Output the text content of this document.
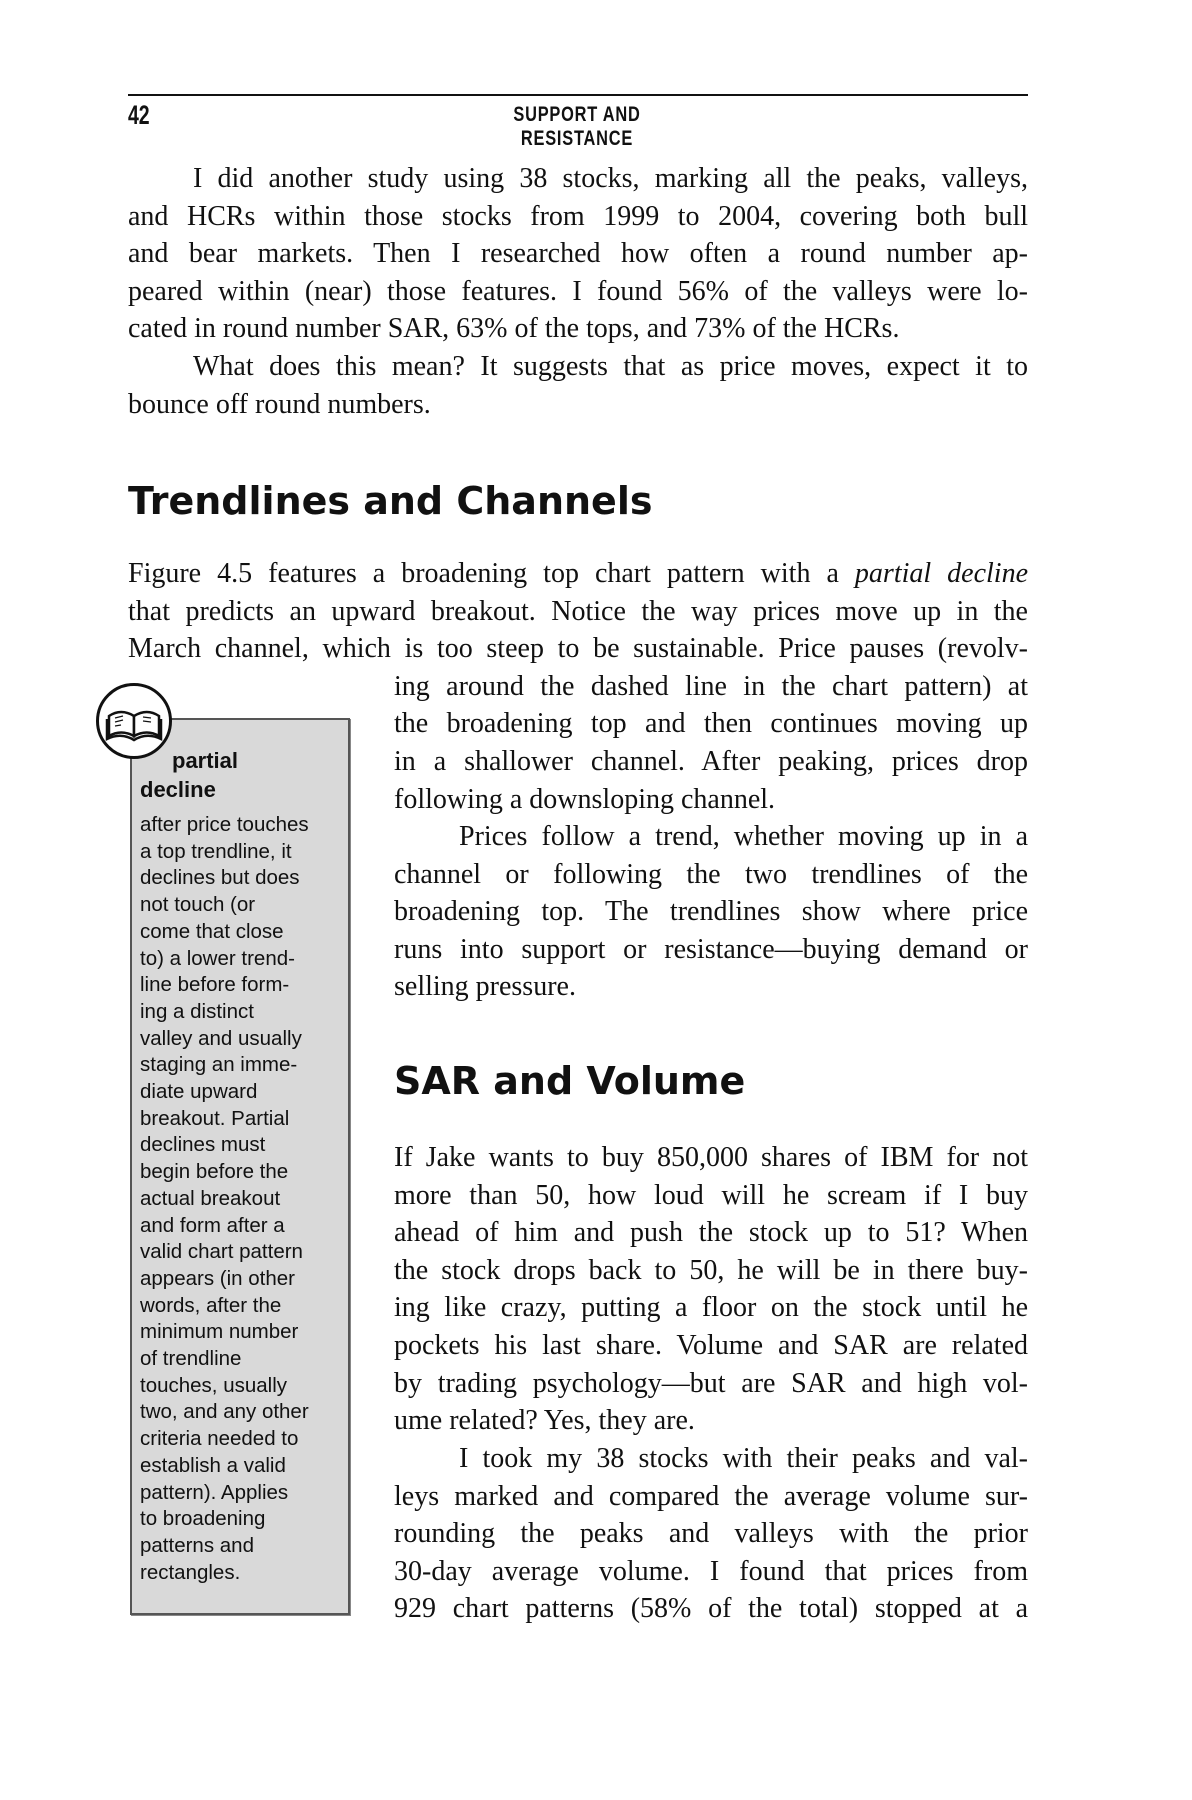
42	SUPPORT AND RESISTANCE
I did another study using 38 stocks, marking all the peaks, valleys,
and HCRs within those stocks from 1999 to 2004, covering both bull
and bear markets. Then I researched how often a round number ap-
peared within (near) those features. I found 56% of the valleys were lo-
cated in round number SAR, 63% of the tops, and 73% of the HCRs.
What does this mean? It suggests that as price moves, expect it to
bounce off round numbers.
Trendlines and Channels
Figure 4.5 features a broadening top chart pattern with a partial decline
that predicts an upward breakout. Notice the way prices move up in the
March channel, which is too steep to be sustainable. Price pauses (revolv-
ing around the dashed line in the chart pattern) at
the broadening top and then continues moving up
in a shallower channel. After peaking, prices drop
following a downsloping channel.
Prices follow a trend, whether moving up in a
channel or following the two trendlines of the
broadening top. The trendlines show where price
runs into support or resistance—buying demand or
selling pressure.
SAR and Volume
If Jake wants to buy 850,000 shares of IBM for not
more than 50, how loud will he scream if I buy
ahead of him and push the stock up to 51? When
the stock drops back to 50, he will be in there buy-
ing like crazy, putting a floor on the stock until he
pockets his last share. Volume and SAR are related
by trading psychology—but are SAR and high vol-
ume related? Yes, they are.
I took my 38 stocks with their peaks and val-
leys marked and compared the average volume sur-
rounding the peaks and valleys with the prior
30-day average volume. I found that prices from
929 chart patterns (58% of the total) stopped at a
partial
decline
after price touches
a top trendline, it
declines but does
not touch (or
come that close
to) a lower trend-
line before form-
ing a distinct
valley and usually
staging an imme-
diate upward
breakout. Partial
declines must
begin before the
actual breakout
and form after a
valid chart pattern
appears (in other
words, after the
minimum number
of trendline
touches, usually
two, and any other
criteria needed to
establish a valid
pattern). Applies
to broadening
patterns and
rectangles.
